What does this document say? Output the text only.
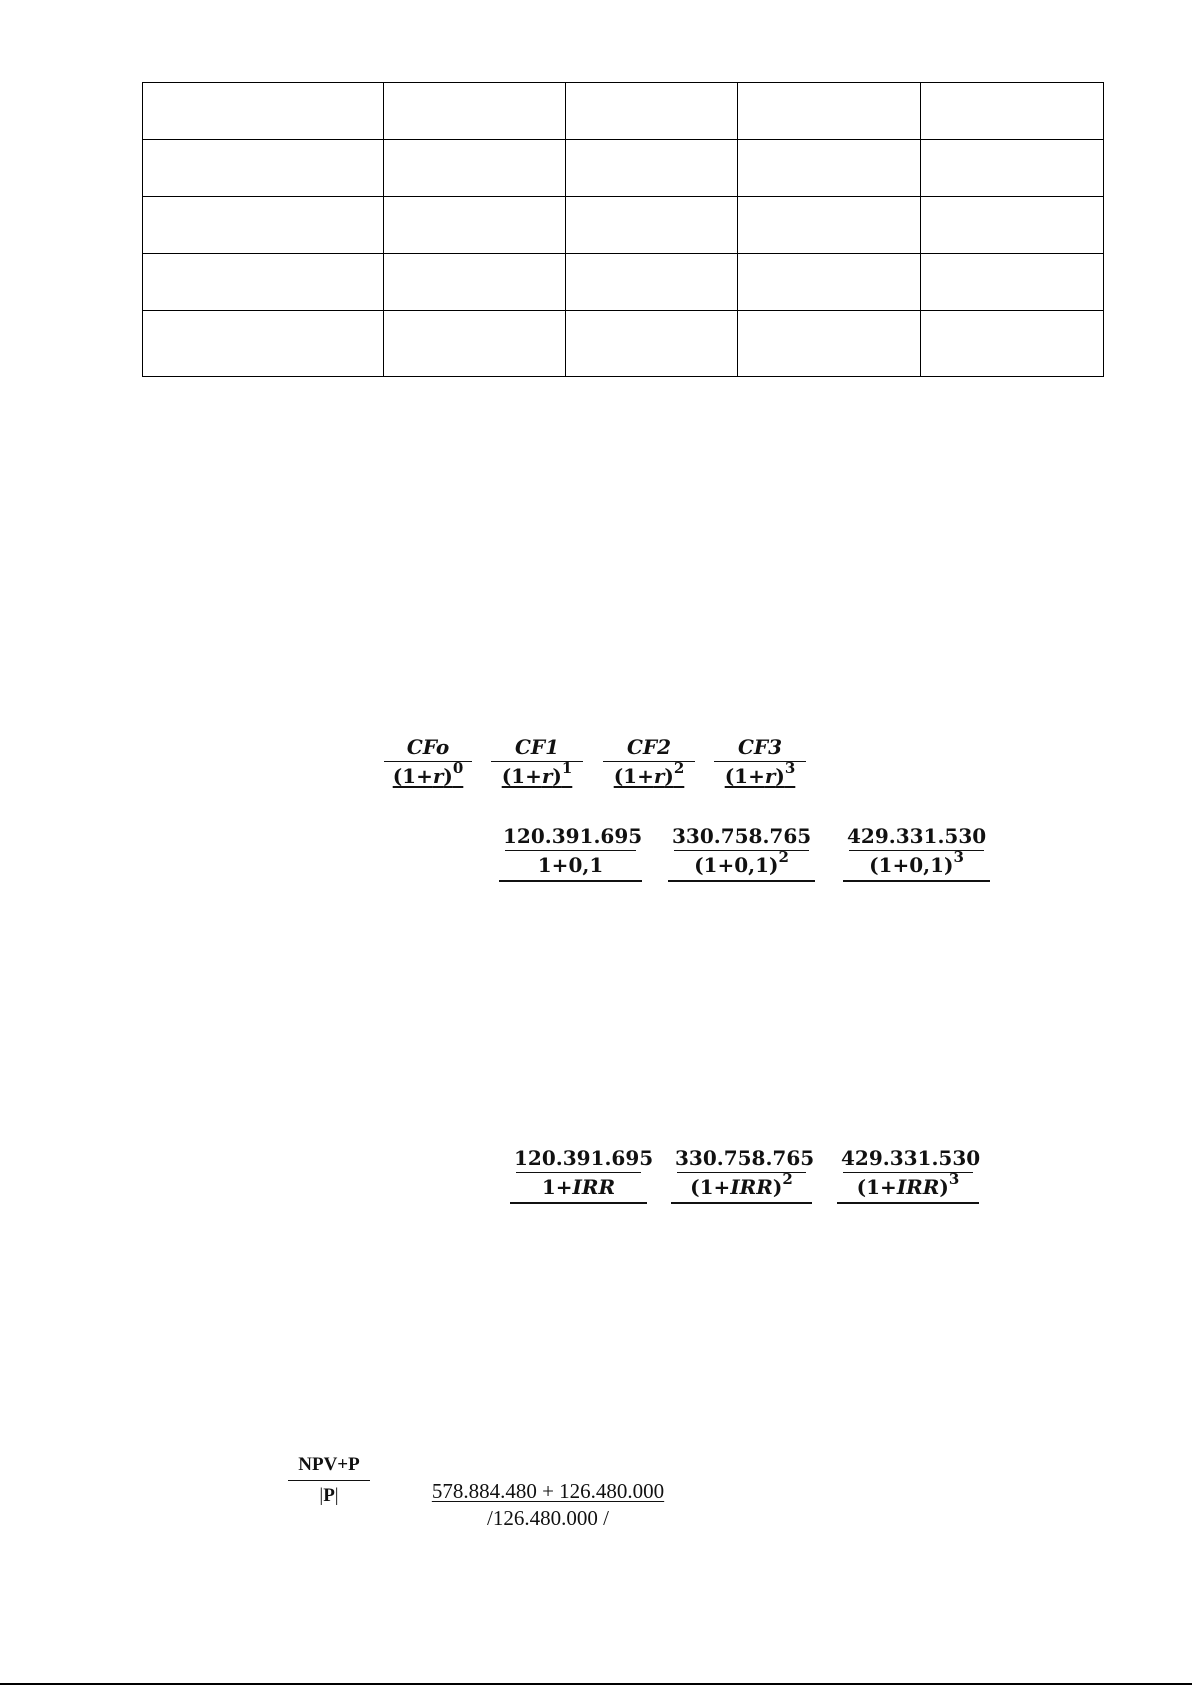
CFo
$(1+r)^0$
CF1
$(1+r)^1$
CF2
$(1+r)^2$
CF3
$(1+r)^3$
120.391.695
1+0,1
330.758.765
$(1+0,1)^2$
429.331.530
$(1+0,1)^3$
120.391.695
1+IRR
330.758.765
$(1+IRR)^2$
429.331.530
$(1+IRR)^3$
NPV+P
|P|	$\frac{578.884.480 + 126.480.000}{/126.480.000 /}$
